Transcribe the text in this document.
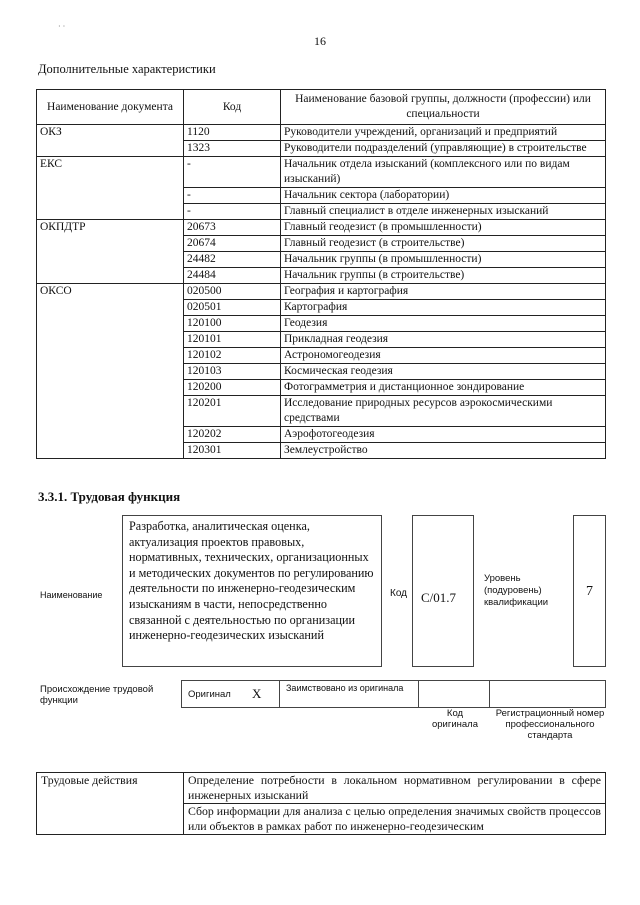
· ·
16
Дополнительные характеристики
Наименование документа	Код	Наименование базовой группы, должности (профессии) или специальности
ОКЗ	1120	Руководители учреждений, организаций и предприятий
	1323	Руководители подразделений (управляющие) в строительстве
ЕКС	-	Начальник отдела изысканий (комплексного или по видам изысканий)
	-	Начальник сектора (лаборатории)
	-	Главный специалист в отделе инженерных изысканий
ОКПДТР	20673	Главный геодезист (в промышленности)
	20674	Главный геодезист (в строительстве)
	24482	Начальник группы (в промышленности)
	24484	Начальник группы (в строительстве)
ОКСО	020500	География и картография
	020501	Картография
	120100	Геодезия
	120101	Прикладная геодезия
	120102	Астрономогеодезия
	120103	Космическая геодезия
	120200	Фотограмметрия и дистанционное зондирование
	120201	Исследование природных ресурсов аэрокосмическими средствами
	120202	Аэрофотогеодезия
	120301	Землеустройство
3.3.1. Трудовая функция
Наименование
Разработка, аналитическая оценка, актуализация проектов правовых, нормативных, технических, организационных и методических документов по регулированию деятельности по инженерно-геодезическим изысканиям в части, непосредственно связанной с деятельностью по организации инженерно-геодезических изысканий
Код C/01.7
Уровень (подуровень) квалификации
7
Происхождение трудовой функции
Оригинал X	Заимствовано из оригинала
Код оригинала
Регистрационный номер профессионального стандарта
Трудовые действия	Определение потребности в локальном нормативном регулировании в сфере инженерных изысканий
Сбор информации для анализа с целью определения значимых свойств процессов или объектов в рамках работ по инженерно-геодезическим
